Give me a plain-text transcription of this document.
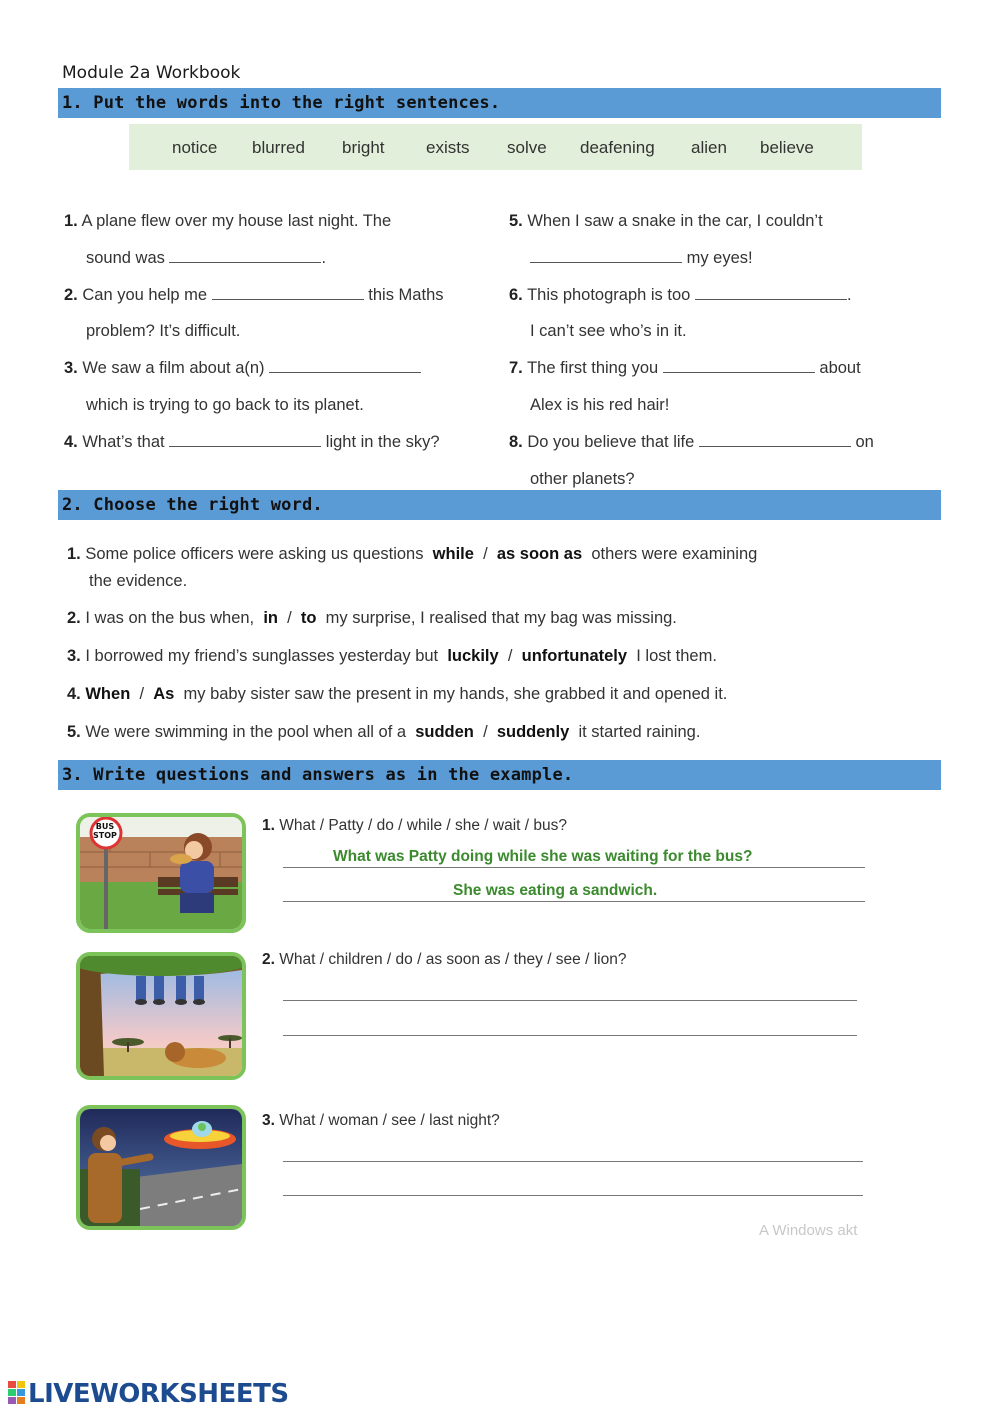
Module 2a Workbook
1. Put the words into the right sentences.
notice blurred bright exists solve deafening alien believe
1. A plane flew over my house last night. The
sound was	.
2. Can you help me	this Maths
problem? It’s difficult.
3. We saw a film about a(n)
which is trying to go back to its planet.
4. What’s that	light in the sky?
5. When I saw a snake in the car, I couldn’t
my eyes!
6. This photograph is too	.
I can’t see who’s in it.
7. The first thing you	about
Alex is his red hair!
8. Do you believe that life	on
other planets?
2. Choose the right word.
1. Some police officers were asking us questions while / as soon as others were examining
the evidence.
2. I was on the bus when, in / to my surprise, I realised that my bag was missing.
3. I borrowed my friend’s sunglasses yesterday but luckily / unfortunately I lost them.
4. When / As my baby sister saw the present in my hands, she grabbed it and opened it.
5. We were swimming in the pool when all of a sudden / suddenly it started raining.
3. Write questions and answers as in the example.
BUS
STOP
1. What / Patty / do / while / she / wait / bus?
What was Patty doing while she was waiting for the bus?
She was eating a sandwich.
2. What / children / do / as soon as / they / see / lion?
3. What / woman / see / last night?
A Windows akt
LIVEWORKSHEETS
